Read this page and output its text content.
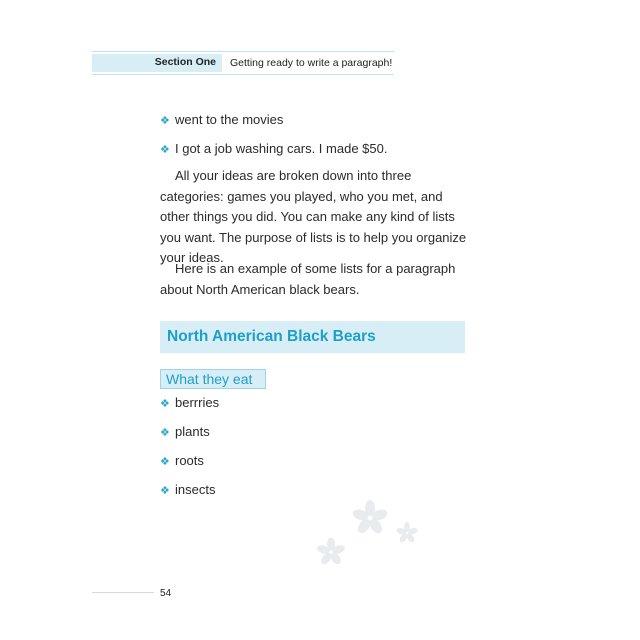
Section One Getting ready to write a paragraph!
❖ went to the movies
❖ I got a job washing cars. I made $50.

All your ideas are broken down into three categories: games you played, who you met, and other things you did. You can make any kind of lists you want. The purpose of lists is to help you organize your ideas.

Here is an example of some lists for a paragraph about North American black bears.

North American Black Bears
What they eat
❖ berrries
❖ plants
❖ roots
❖ insects
54
